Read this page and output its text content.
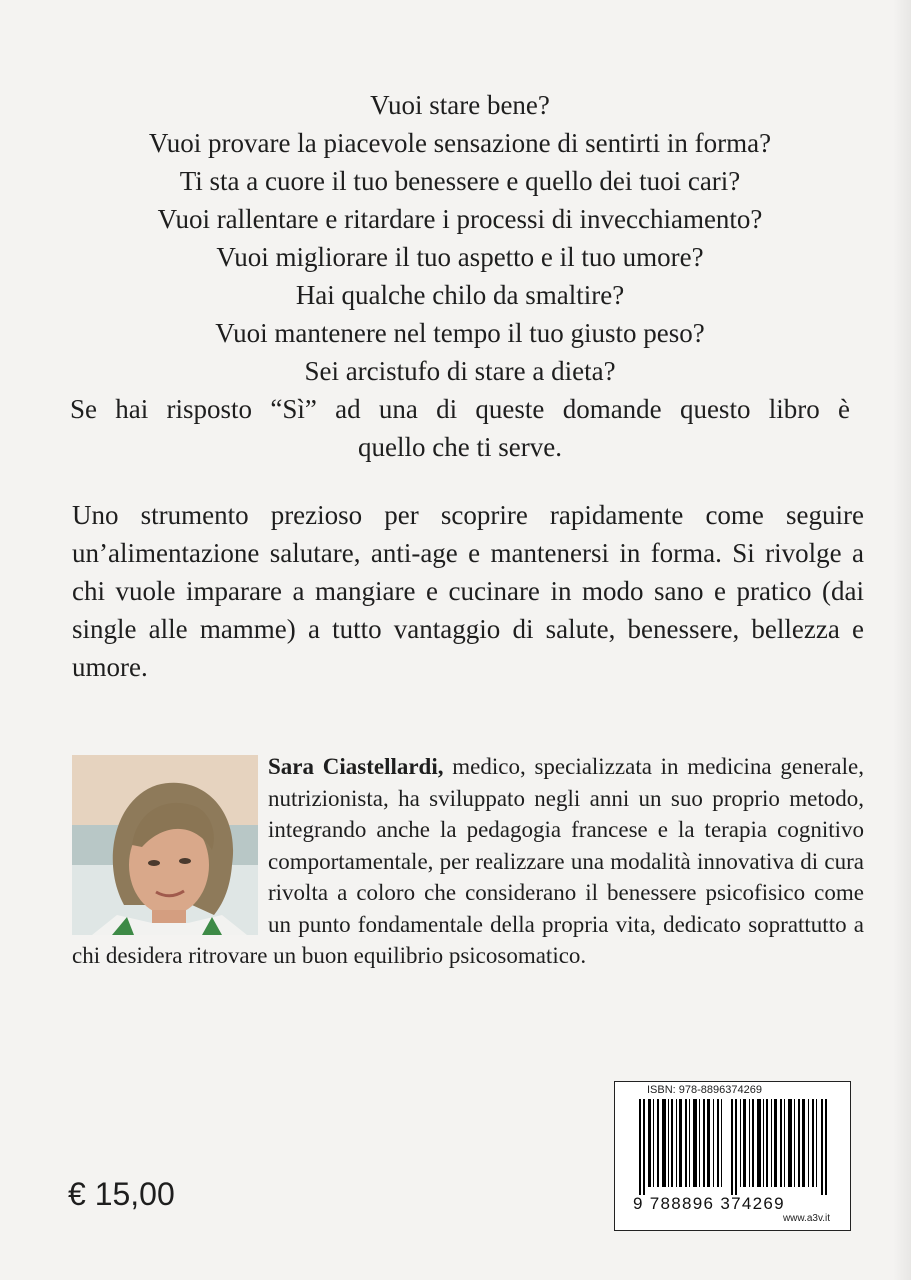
Vuoi stare bene?
Vuoi provare la piacevole sensazione di sentirti in forma?
Ti sta a cuore il tuo benessere e quello dei tuoi cari?
Vuoi rallentare e ritardare i processi di invecchiamento?
Vuoi migliorare il tuo aspetto e il tuo umore?
Hai qualche chilo da smaltire?
Vuoi mantenere nel tempo il tuo giusto peso?
Sei arcistufo di stare a dieta?
Se hai risposto “Sì” ad una di queste domande questo libro è
quello che ti serve.

Uno strumento prezioso per scoprire rapidamente come seguire un’alimentazione salutare, anti-age e mantenersi in forma. Si rivolge a chi vuole imparare a mangiare e cucinare in modo sano e pratico (dai single alle mamme) a tutto vantaggio di salute, benessere, bellezza e umore.

Sara Ciastellardi, medico, specializzata in medicina generale, nutrizionista, ha sviluppato negli anni un suo proprio metodo, integrando anche la pedagogia francese e la terapia cognitivo comportamentale, per realizzare una modalità innovativa di cura rivolta a coloro che considerano il benessere psicofisico come un punto fondamentale della propria vita, dedicato soprattutto a chi desidera ritrovare un buon equilibrio psicosomatico.
ISBN: 978-8896374269
9 788896 374269
www.a3v.it
€ 15,00
